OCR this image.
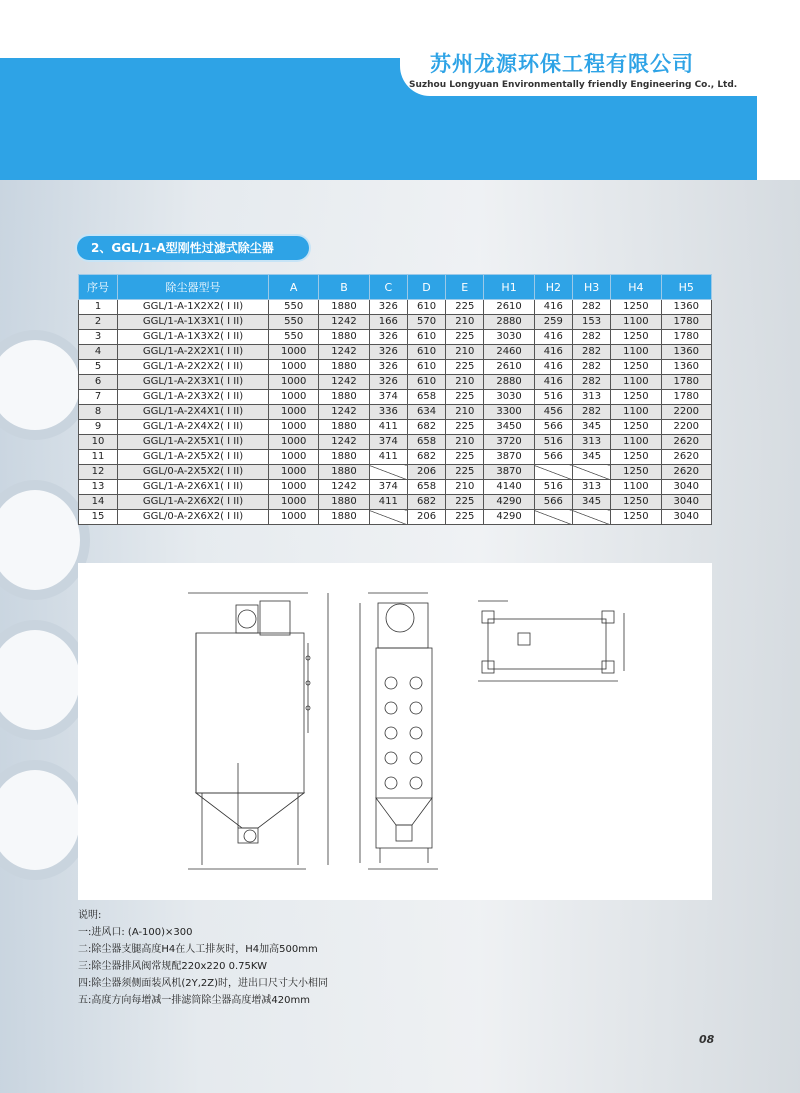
苏州龙源环保工程有限公司
Suzhou Longyuan Environmentally friendly Engineering Co., Ltd.
2、GGL/1-A型刚性过滤式除尘器
序号	除尘器型号	A	B	C	D	E	H1	H2	H3	H4	H5
1	GGL/1-A-1X2X2( I II)	550	1880	326	610	225	2610	416	282	1250	1360
2	GGL/1-A-1X3X1( I II)	550	1242	166	570	210	2880	259	153	1100	1780
3	GGL/1-A-1X3X2( I II)	550	1880	326	610	225	3030	416	282	1250	1780
4	GGL/1-A-2X2X1( I II)	1000	1242	326	610	210	2460	416	282	1100	1360
5	GGL/1-A-2X2X2( I II)	1000	1880	326	610	225	2610	416	282	1250	1360
6	GGL/1-A-2X3X1( I II)	1000	1242	326	610	210	2880	416	282	1100	1780
7	GGL/1-A-2X3X2( I II)	1000	1880	374	658	225	3030	516	313	1250	1780
8	GGL/1-A-2X4X1( I II)	1000	1242	336	634	210	3300	456	282	1100	2200
9	GGL/1-A-2X4X2( I II)	1000	1880	411	682	225	3450	566	345	1250	2200
10	GGL/1-A-2X5X1( I II)	1000	1242	374	658	210	3720	516	313	1100	2620
11	GGL/1-A-2X5X2( I II)	1000	1880	411	682	225	3870	566	345	1250	2620
12	GGL/0-A-2X5X2( I II)	1000	1880		206	225	3870			1250	2620
13	GGL/1-A-2X6X1( I II)	1000	1242	374	658	210	4140	516	313	1100	3040
14	GGL/1-A-2X6X2( I II)	1000	1880	411	682	225	4290	566	345	1250	3040
15	GGL/0-A-2X6X2( I II)	1000	1880		206	225	4290			1250	3040
说明:
一:进风口: (A-100)×300
二:除尘器支腿高度H4在人工排灰时，H4加高500mm
三:除尘器排风阀常规配220x220 0.75KW
四:除尘器须侧面装风机(2Y,2Z)时，进出口尺寸大小相同
五:高度方向每增减一排滤筒除尘器高度增减420mm
08
